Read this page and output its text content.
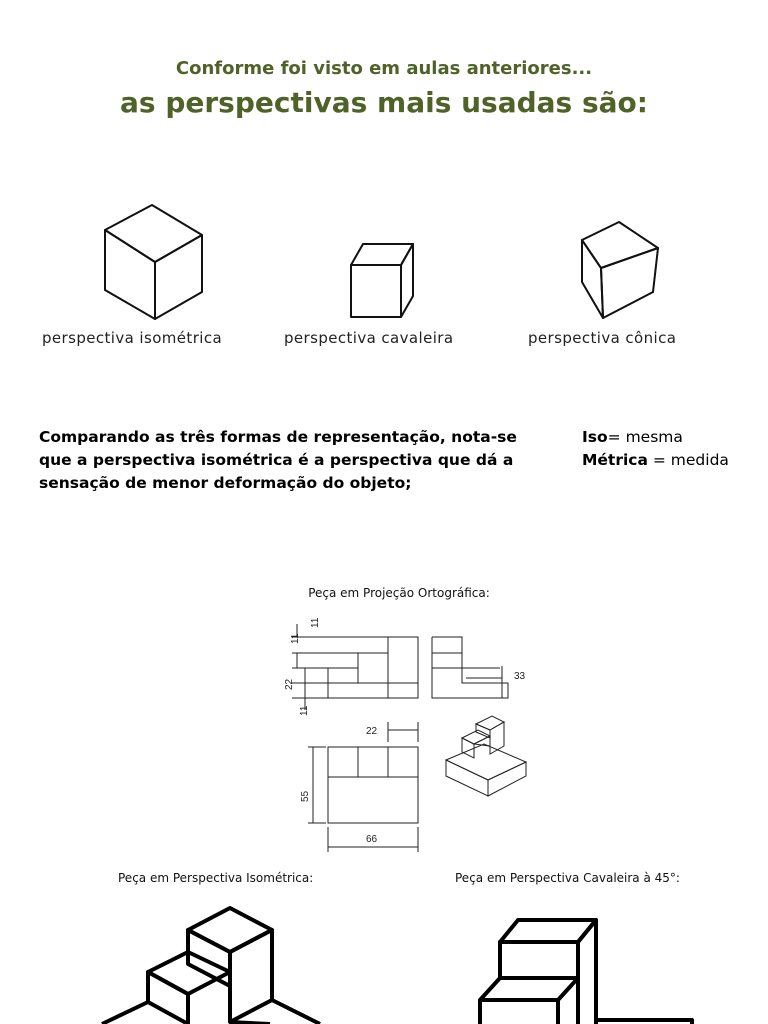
Conforme foi visto em aulas anteriores...
as perspectivas mais usadas são:
perspectiva isométrica	perspectiva cavaleira	perspectiva cônica
Comparando as três formas de representação, nota-se que a perspectiva isométrica é a perspectiva que dá a sensação de menor deformação do objeto;
Iso= mesma
Métrica = medida
Peça em Projeção Ortográfica:
11
11
22
11
33
22
55
66
Peça em Perspectiva Isométrica:	Peça em Perspectiva Cavaleira à 45°:
